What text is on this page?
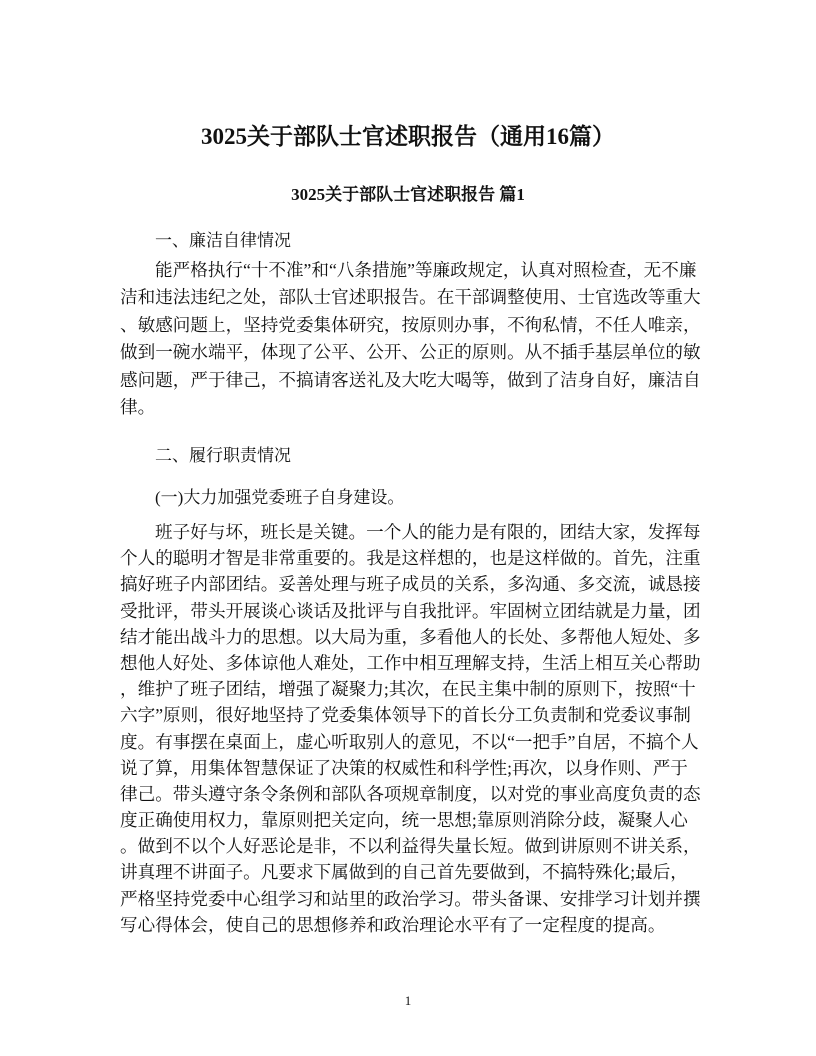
3025关于部队士官述职报告（通用16篇）
3025关于部队士官述职报告 篇1
一、廉洁自律情况
能严格执行“十不准”和“八条措施”等廉政规定，认真对照检查，无不廉
洁和违法违纪之处，部队士官述职报告。在干部调整使用、士官选改等重大
、敏感问题上，坚持党委集体研究，按原则办事，不徇私情，不任人唯亲，
做到一碗水端平，体现了公平、公开、公正的原则。从不插手基层单位的敏
感问题，严于律己，不搞请客送礼及大吃大喝等，做到了洁身自好，廉洁自
律。
二、履行职责情况
(一)大力加强党委班子自身建设。
班子好与坏，班长是关键。一个人的能力是有限的，团结大家，发挥每
个人的聪明才智是非常重要的。我是这样想的，也是这样做的。首先，注重
搞好班子内部团结。妥善处理与班子成员的关系，多沟通、多交流，诚恳接
受批评，带头开展谈心谈话及批评与自我批评。牢固树立团结就是力量，团
结才能出战斗力的思想。以大局为重，多看他人的长处、多帮他人短处、多
想他人好处、多体谅他人难处，工作中相互理解支持，生活上相互关心帮助
，维护了班子团结，增强了凝聚力;其次，在民主集中制的原则下，按照“十
六字”原则，很好地坚持了党委集体领导下的首长分工负责制和党委议事制
度。有事摆在桌面上，虚心听取别人的意见，不以“一把手”自居，不搞个人
说了算，用集体智慧保证了决策的权威性和科学性;再次，以身作则、严于
律己。带头遵守条令条例和部队各项规章制度，以对党的事业高度负责的态
度正确使用权力，靠原则把关定向，统一思想;靠原则消除分歧，凝聚人心
。做到不以个人好恶论是非，不以利益得失量长短。做到讲原则不讲关系，
讲真理不讲面子。凡要求下属做到的自己首先要做到，不搞特殊化;最后，
严格坚持党委中心组学习和站里的政治学习。带头备课、安排学习计划并撰
写心得体会，使自己的思想修养和政治理论水平有了一定程度的提高。
1
